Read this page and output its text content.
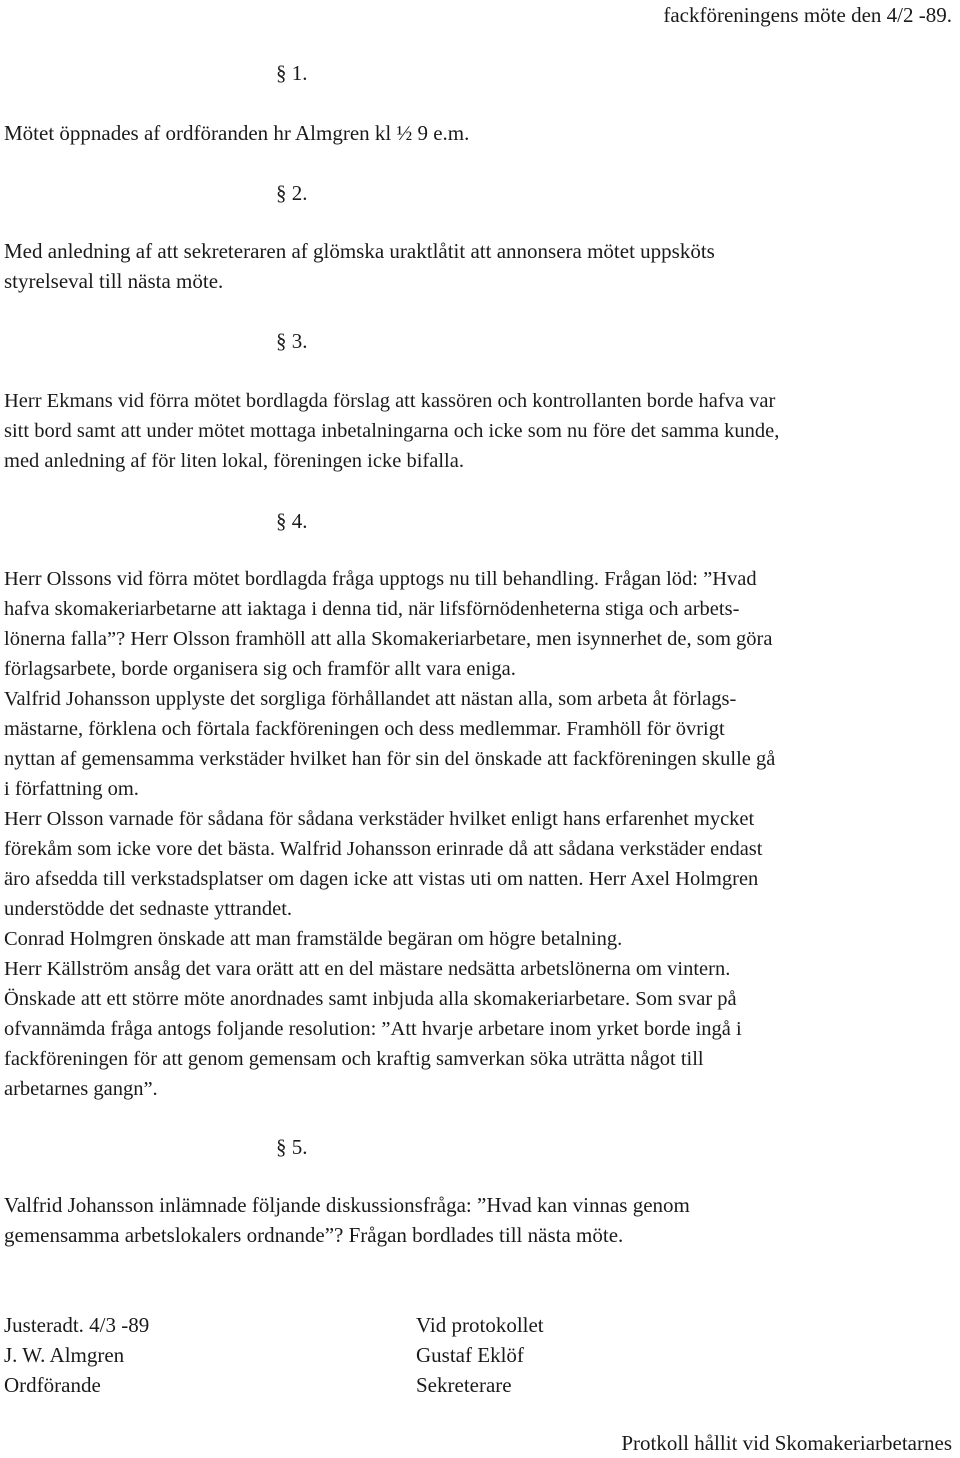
fackföreningens möte den 4/2 -89.
§ 1.
Mötet öppnades af ordföranden hr Almgren kl ½ 9 e.m.
§ 2.
Med anledning af att sekreteraren af glömska uraktlåtit att annonsera mötet uppsköts
styrelseval till nästa möte.
§ 3.
Herr Ekmans vid förra mötet bordlagda förslag att kassören och kontrollanten borde hafva var
sitt bord samt att under mötet mottaga inbetalningarna och icke som nu före det samma kunde,
med anledning af för liten lokal, föreningen icke bifalla.
§ 4.
Herr Olssons vid förra mötet bordlagda fråga upptogs nu till behandling. Frågan löd: ”Hvad
hafva skomakeriarbetarne att iaktaga i denna tid, när lifsförnödenheterna stiga och arbets-
lönerna falla”? Herr Olsson framhöll att alla Skomakeriarbetare, men isynnerhet de, som göra
förlagsarbete, borde organisera sig och framför allt vara eniga.
Valfrid Johansson upplyste det sorgliga förhållandet att nästan alla, som arbeta åt förlags-
mästarne, förklena och förtala fackföreningen och dess medlemmar. Framhöll för övrigt
nyttan af gemensamma verkstäder hvilket han för sin del önskade att fackföreningen skulle gå
i författning om.
Herr Olsson varnade för sådana för sådana verkstäder hvilket enligt hans erfarenhet mycket
förekåm som icke vore det bästa. Walfrid Johansson erinrade då att sådana verkstäder endast
äro afsedda till verkstadsplatser om dagen icke att vistas uti om natten. Herr Axel Holmgren
understödde det sednaste yttrandet.
Conrad Holmgren önskade att man framstälde begäran om högre betalning.
Herr Källström ansåg det vara orätt att en del mästare nedsätta arbetslönerna om vintern.
Önskade att ett större möte anordnades samt inbjuda alla skomakeriarbetare. Som svar på
ofvannämda fråga antogs foljande resolution: ”Att hvarje arbetare inom yrket borde ingå i
fackföreningen för att genom gemensam och kraftig samverkan söka uträtta något till
arbetarnes gangn”.
§ 5.
Valfrid Johansson inlämnade följande diskussionsfråga: ”Hvad kan vinnas genom
gemensamma arbetslokalers ordnande”? Frågan bordlades till nästa möte.
Justeradt. 4/3 -89
J. W. Almgren
Ordförande
Vid protokollet
Gustaf Eklöf
Sekreterare
Protkoll hållit vid Skomakeriarbetarnes
